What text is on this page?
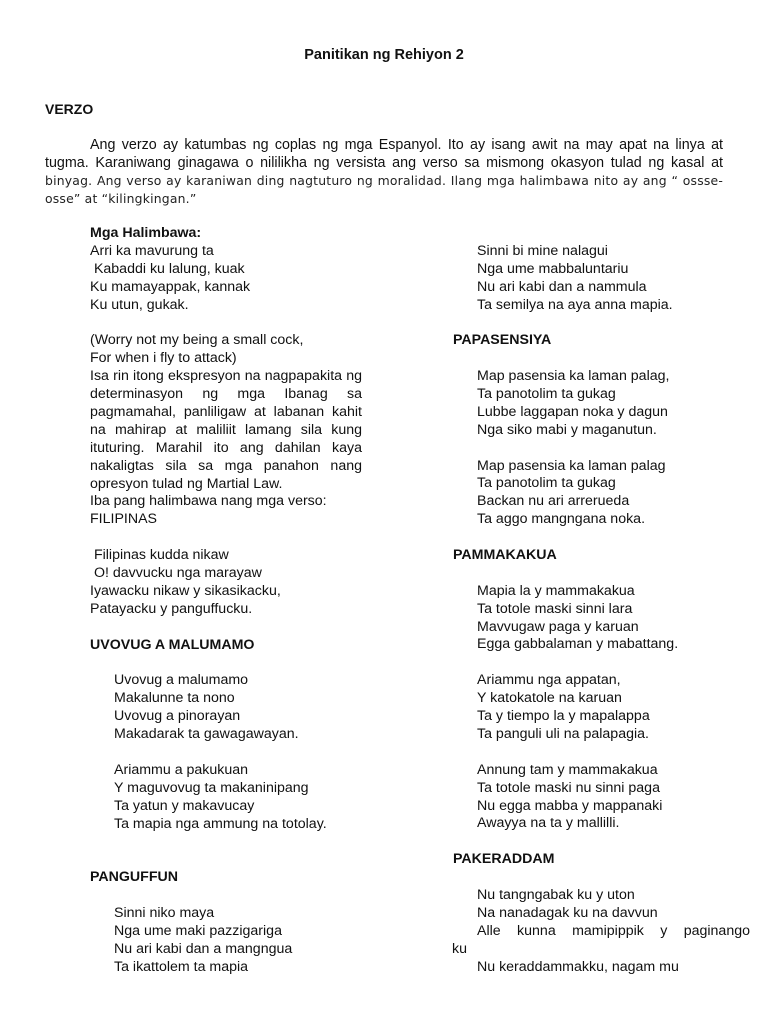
Panitikan ng Rehiyon 2
VERZO

Ang verzo ay katumbas ng coplas ng mga Espanyol. Ito ay isang awit na may apat na linya at tugma. Karaniwang ginagawa o nililikha ng versista ang verso sa mismong okasyon tulad ng kasal at binyag. Ang verso ay karaniwan ding nagtuturo ng moralidad. Ilang mga halimbawa nito ay ang “ ossse-osse” at “kilingkingan.”

Mga Halimbawa:
Arri ka mavurung ta
Kabaddi ku lalung, kuak
Ku mamayappak, kannak
Ku utun, gukak.
(Worry not my being a small cock,
For when i fly to attack)

Isa rin itong ekspresyon na nagpapakita ng determinasyon ng mga Ibanag sa pagmamahal, panliligaw at labanan kahit na mahirap at maliliit lamang sila kung ituturing. Marahil ito ang dahilan kaya nakaligtas sila sa mga panahon nang opresyon tulad ng Martial Law.

Iba pang halimbawa nang mga verso:
FILIPINAS
Filipinas kudda nikaw
O! davvucku nga marayaw
Iyawacku nikaw y sikasikacku,
Patayacku y panguffucku.
UVOVUG A MALUMAMO
Uvovug a malumamo
Makalunne ta nono
Uvovug a pinorayan
Makadarak ta gawagawayan.
Ariammu a pakukuan
Y maguvovug ta makaninipang
Ta yatun y makavucay
Ta mapia nga ammung na totolay.
PANGUFFUN
Sinni niko maya
Nga ume maki pazzigariga
Nu ari kabi dan a mangngua
Ta ikattolem ta mapia
Sinni bi mine nalagui
Nga ume mabbaluntariu
Nu ari kabi dan a nammula
Ta semilya na aya anna mapia.
PAPASENSIYA
Map pasensia ka laman palag,
Ta panotolim ta gukag
Lubbe laggapan noka y dagun
Nga siko mabi y maganutun.
Map pasensia ka laman palag
Ta panotolim ta gukag
Backan nu ari arrerueda
Ta aggo mangngana noka.
PAMMAKAKUA
Mapia la y mammakakua
Ta totole maski sinni lara
Mavvugaw paga y karuan
Egga gabbalaman y mabattang.
Ariammu nga appatan,
Y katokatole na karuan
Ta y tiempo la y mapalappa
Ta panguli uli na palapagia.
Annung tam y mammakakua
Ta totole maski nu sinni paga
Nu egga mabba y mappanaki
Awayya na ta y mallilli.
PAKERADDAM
Nu tangngabak ku y uton
Na nanadagak ku na davvun
Alle kunna mamipippik y paginango
ku
Nu keraddammakku, nagam mu
